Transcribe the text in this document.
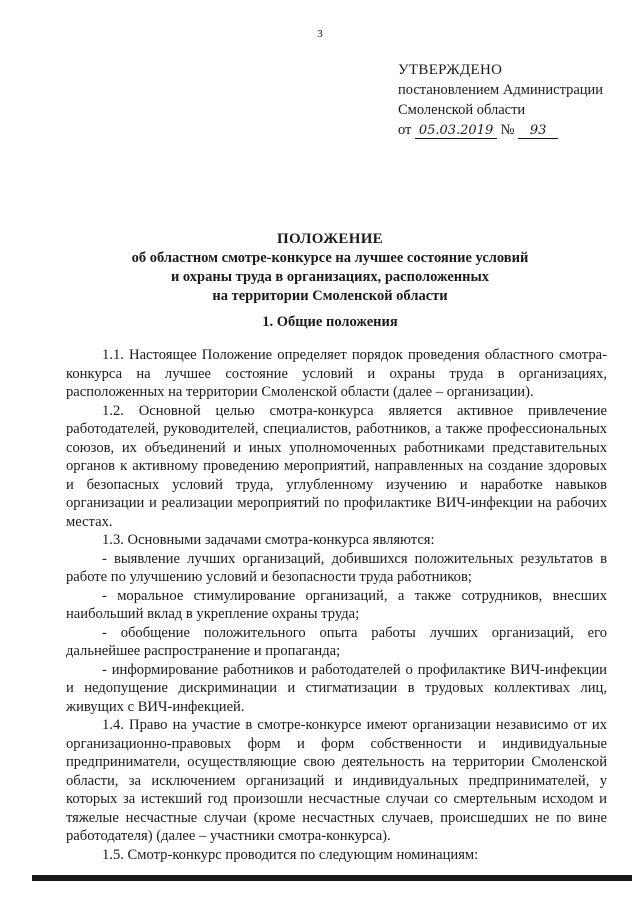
3
УТВЕРЖДЕНО
постановлением Администрации
Смоленской области
от 05.03.2019 № 93
ПОЛОЖЕНИЕ
об областном смотре-конкурсе на лучшее состояние условий
и охраны труда в организациях, расположенных
на территории Смоленской области
1. Общие положения

1.1. Настоящее Положение определяет порядок проведения областного смотра-конкурса на лучшее состояние условий и охраны труда в организациях, расположенных на территории Смоленской области (далее – организации).

1.2. Основной целью смотра-конкурса является активное привлечение работодателей, руководителей, специалистов, работников, а также профессиональных союзов, их объединений и иных уполномоченных работниками представительных органов к активному проведению мероприятий, направленных на создание здоровых и безопасных условий труда, углубленному изучению и наработке навыков организации и реализации мероприятий по профилактике ВИЧ-инфекции на рабочих местах.

1.3. Основными задачами смотра-конкурса являются:

- выявление лучших организаций, добившихся положительных результатов в работе по улучшению условий и безопасности труда работников;

- моральное стимулирование организаций, а также сотрудников, внесших наибольший вклад в укрепление охраны труда;

- обобщение положительного опыта работы лучших организаций, его дальнейшее распространение и пропаганда;

- информирование работников и работодателей о профилактике ВИЧ-инфекции и недопущение дискриминации и стигматизации в трудовых коллективах лиц, живущих с ВИЧ-инфекцией.

1.4. Право на участие в смотре-конкурсе имеют организации независимо от их организационно-правовых форм и форм собственности и индивидуальные предприниматели, осуществляющие свою деятельность на территории Смоленской области, за исключением организаций и индивидуальных предпринимателей, у которых за истекший год произошли несчастные случаи со смертельным исходом и тяжелые несчастные случаи (кроме несчастных случаев, происшедших не по вине работодателя) (далее – участники смотра-конкурса).

1.5. Смотр-конкурс проводится по следующим номинациям:
